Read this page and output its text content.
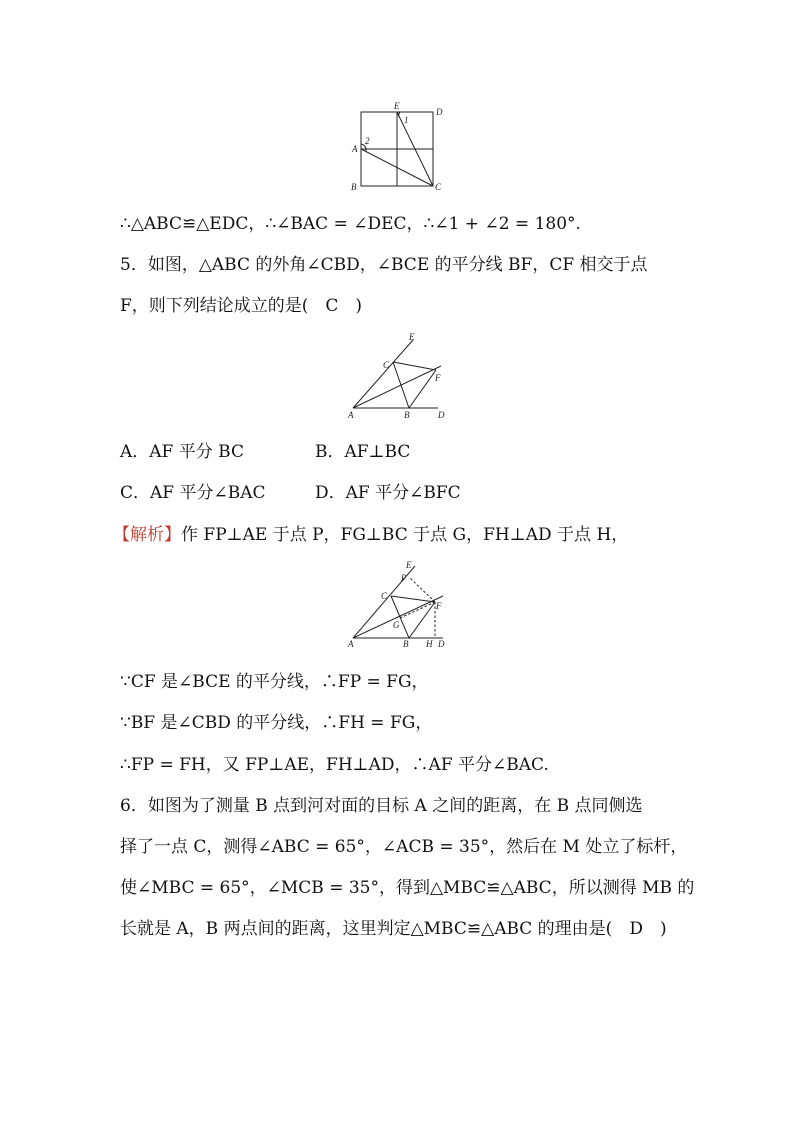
E
D
1
2
A
B	C
∴△ABC≌△EDC，∴∠BAC = ∠DEC，∴∠1 + ∠2 = 180°.
5．如图，△ABC 的外角∠CBD，∠BCE 的平分线 BF，CF 相交于点
F，则下列结论成立的是(　C　)
E
C
F
A	B	D
A．AF 平分 BC	B．AF⊥BC
C．AF 平分∠BAC	D．AF 平分∠BFC
【解析】作 FP⊥AE 于点 P，FG⊥BC 于点 G，FH⊥AD 于点 H，
E
P
C
F
G
A	B H D
∵CF 是∠BCE 的平分线，∴FP = FG，
∵BF 是∠CBD 的平分线，∴FH = FG，
∴FP = FH，又 FP⊥AE，FH⊥AD，∴AF 平分∠BAC.
6．如图为了测量 B 点到河对面的目标 A 之间的距离，在 B 点同侧选
择了一点 C，测得∠ABC = 65°，∠ACB = 35°，然后在 M 处立了标杆，
使∠MBC = 65°，∠MCB = 35°，得到△MBC≌△ABC，所以测得 MB 的
长就是 A，B 两点间的距离，这里判定△MBC≌△ABC 的理由是(　D　)
